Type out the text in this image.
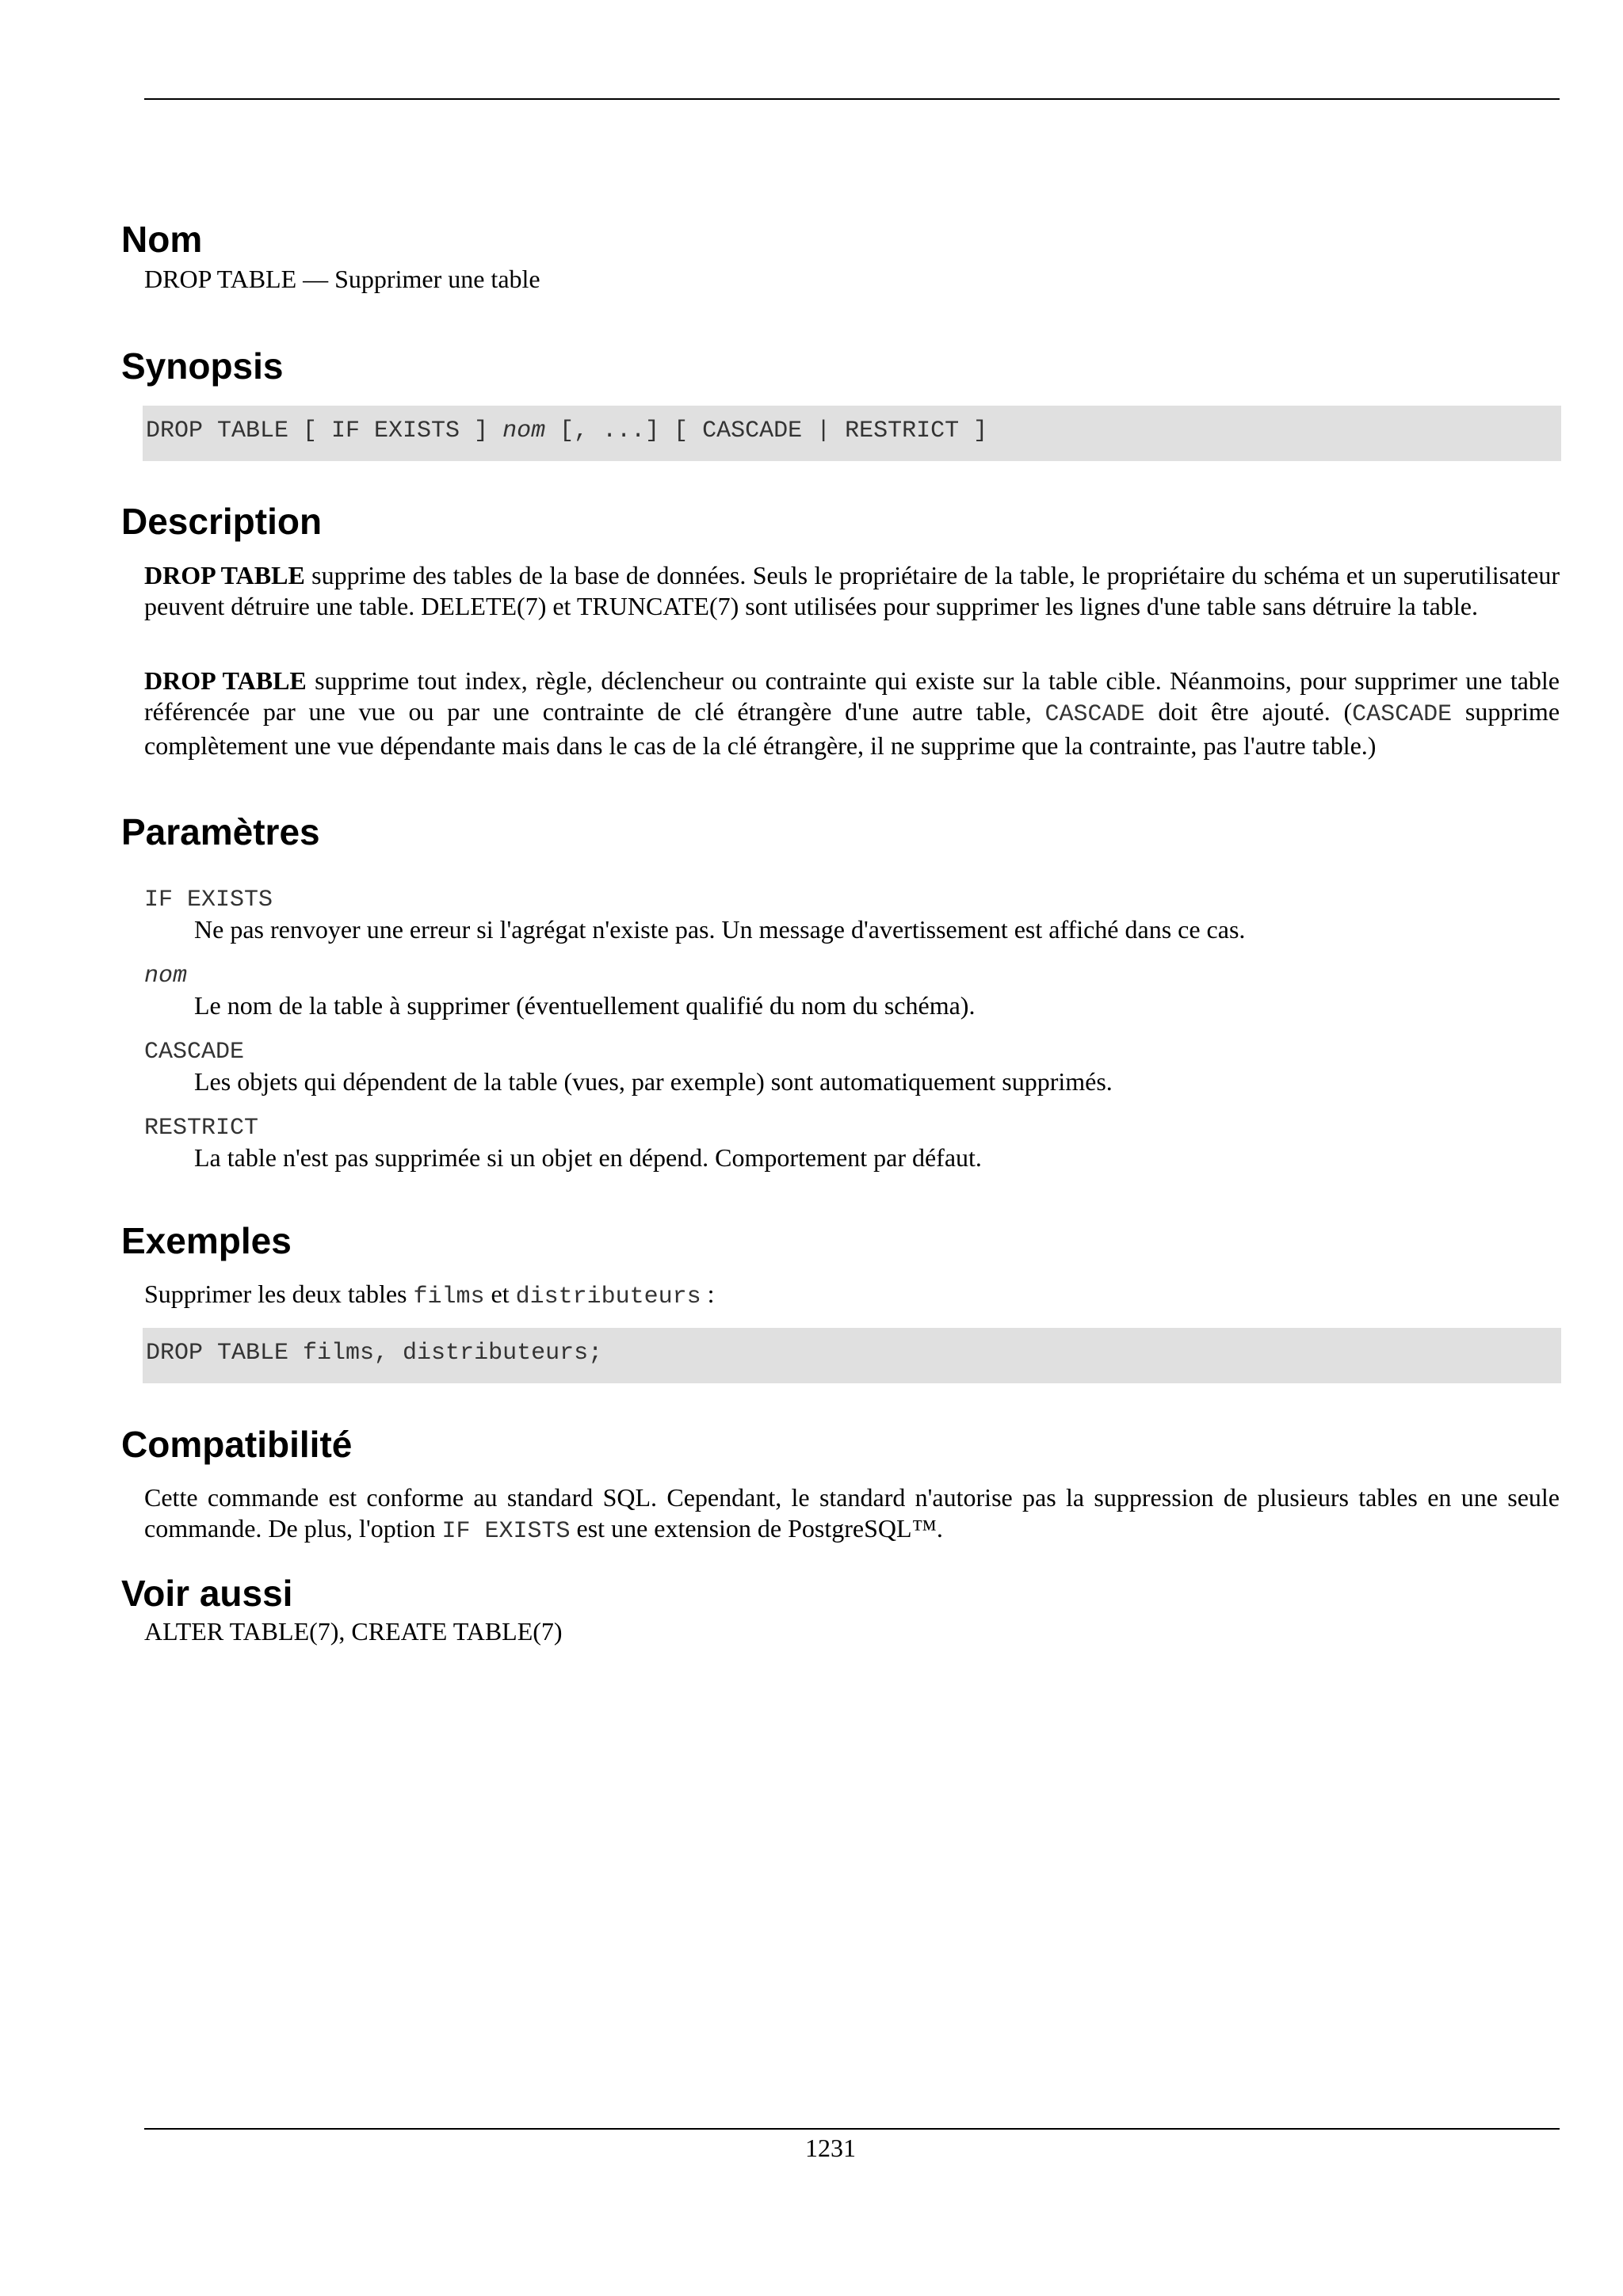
Nom
DROP TABLE — Supprimer une table
Synopsis
DROP TABLE [ IF EXISTS ] nom [, ...] [ CASCADE | RESTRICT ]
Description

DROP TABLE supprime des tables de la base de données. Seuls le propriétaire de la table, le propriétaire du schéma et un superutilisateur peuvent détruire une table. DELETE(7) et TRUNCATE(7) sont utilisées pour supprimer les lignes d'une table sans détruire la table.

DROP TABLE supprime tout index, règle, déclencheur ou contrainte qui existe sur la table cible. Néanmoins, pour supprimer une table référencée par une vue ou par une contrainte de clé étrangère d'une autre table, CASCADE doit être ajouté. (CASCADE supprime complètement une vue dépendante mais dans le cas de la clé étrangère, il ne supprime que la contrainte, pas l'autre table.)

Paramètres
IF EXISTS
Ne pas renvoyer une erreur si l'agrégat n'existe pas. Un message d'avertissement est affiché dans ce cas.
nom
Le nom de la table à supprimer (éventuellement qualifié du nom du schéma).
CASCADE
Les objets qui dépendent de la table (vues, par exemple) sont automatiquement supprimés.
RESTRICT
La table n'est pas supprimée si un objet en dépend. Comportement par défaut.
Exemples
Supprimer les deux tables films et distributeurs :
DROP TABLE films, distributeurs;
Compatibilité

Cette commande est conforme au standard SQL. Cependant, le standard n'autorise pas la suppression de plusieurs tables en une seule commande. De plus, l'option IF EXISTS est une extension de PostgreSQL™.

Voir aussi
ALTER TABLE(7), CREATE TABLE(7)
1231
